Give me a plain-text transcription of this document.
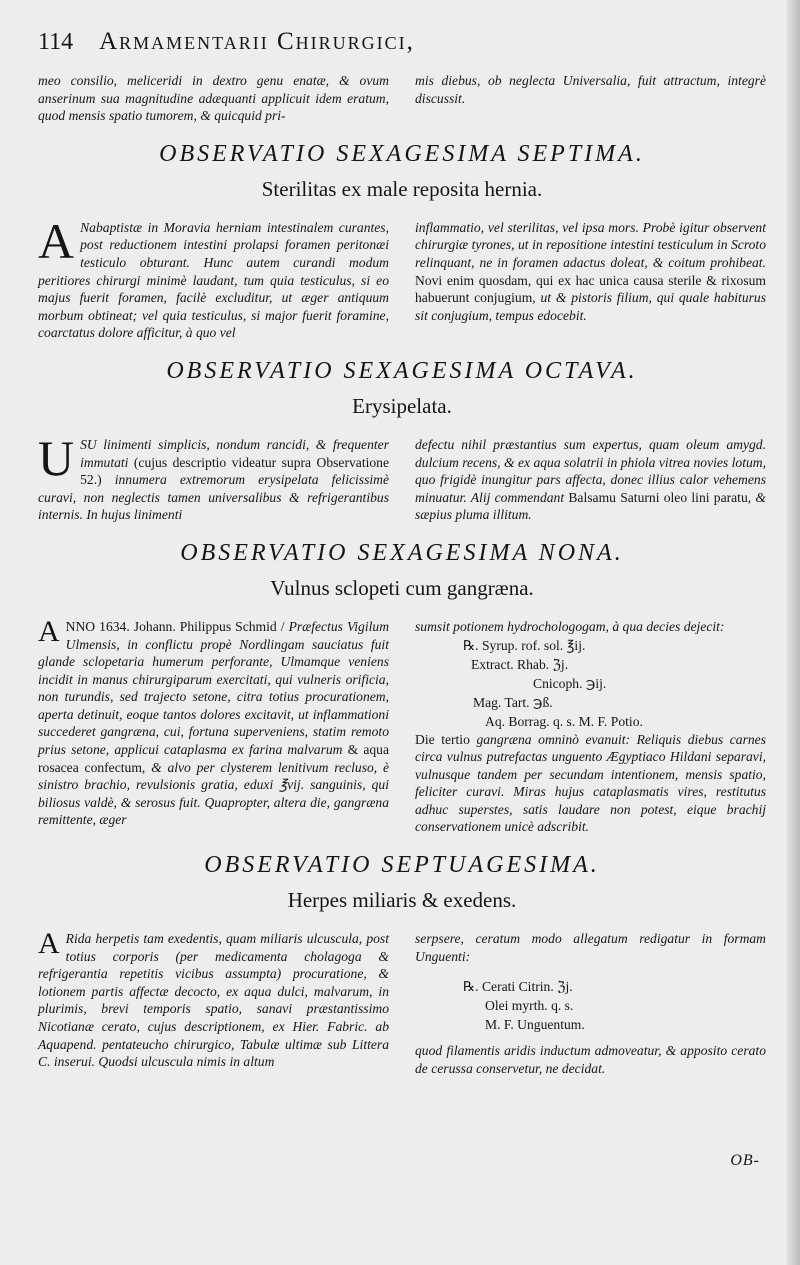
114 Armamentarii Chirurgici,

meo consilio, meliceridi in dextro genu enatæ, & ovum anserinum sua magnitudine adæquanti applicuit idem eratum, quod mensis spatio tumorem, & quicquid pri-

mis diebus, ob neglecta Universalia, fuit attractum, integrè discussit.

OBSERVATIO SEXAGESIMA SEPTIMA.
Sterilitas ex male reposita hernia.

A Nabaptistæ in Moravia herniam intestinalem curantes, post reductionem intestini prolapsi foramen peritonæi testiculo obturant. Hunc autem curandi modum peritiores chirurgi minimè laudant, tum quia testiculus, si eo majus fuerit foramen, facilè excluditur, ut æger antiquum morbum obtineat; vel quia testiculus, si major fuerit foramine, coarctatus dolore afficitur, à quo vel

inflammatio, vel sterilitas, vel ipsa mors. Probè igitur observent chirurgiæ tyrones, ut in repositione intestini testiculum in Scroto relinquant, ne in foramen adactus doleat, & coitum prohibeat. Novi enim quosdam, qui ex hac unica causa sterile & rixosum habuerunt conjugium, ut & pistoris filium, qui quale habiturus sit conjugium, tempus edocebit.

OBSERVATIO SEXAGESIMA OCTAVA.
Erysipelata.

USU linimenti simplicis, nondum rancidi, & frequenter immutati (cujus descriptio videatur supra Observatione 52.) innumera extremorum erysipelata felicissimè curavi, non neglectis tamen universalibus & refrigerantibus internis. In hujus linimenti

defectu nihil præstantius sum expertus, quam oleum amygd. dulcium recens, & ex aqua solatrii in phiola vitrea novies lotum, quo frigidè inungitur pars affecta, donec illius calor vehemens minuatur. Alij commendant Balsamu Saturni oleo lini paratu, & sæpius pluma illitum.

OBSERVATIO SEXAGESIMA NONA.
Vulnus sclopeti cum gangræna.

ANNO 1634. Johann. Philippus Schmid / Præfectus Vigilum Ulmensis, in conflictu propè Nordlingam sauciatus fuit glande sclopetaria humerum perforante, Ulmamque veniens incidit in manus chirurgiparum exercitati, qui vulneris orificia, non turundis, sed trajecto setone, citra totius procurationem, aperta detinuit, eoque tantos dolores excitavit, ut inflammationi succederet gangræna, cui, fortuna superveniens, statim remoto prius setone, applicui cataplasma ex farina malvarum & aqua rosacea confectum, & alvo per clysterem lenitivum recluso, è sinistro brachio, revulsionis gratia, eduxi ℥vij. sanguinis, qui biliosus valdè, & serosus fuit. Quapropter, altera die, gangræna remittente, æger

sumsit potionem hydrochologogam, à qua decies dejecit:

℞. Syrup. rof. sol. ℥ij.
Extract. Rhab. ℨj.
Cnicoph. ℈ij.
Mag. Tart. ℈ß.
Aq. Borrag. q. s. M. F. Potio.

Die tertio gangræna omninò evanuit: Reliquis diebus carnes circa vulnus putrefactas unguento Ægyptiaco Hildani separavi, vulnusque tandem per secundam intentionem, mensis spatio, feliciter curavi. Miras hujus cataplasmatis vires, restitutus adhuc superstes, satis laudare non potest, eique brachij conservationem unicè adscribit.

OBSERVATIO SEPTUAGESIMA.
Herpes miliaris & exedens.

A Rida herpetis tam exedentis, quam miliaris ulcuscula, post totius corporis (per medicamenta cholagoga & refrigerantia repetitis vicibus assumpta) procuratione, & lotionem partis affectæ decocto, ex aqua dulci, malvarum, in plurimis, brevi temporis spatio, sanavi præstantissimo Nicotianæ cerato, cujus descriptionem, ex Hier. Fabric. ab Aquapend. pentateucho chirurgico, Tabulæ ultimæ sub Littera C. inserui. Quodsi ulcuscula nimis in altum

serpsere, ceratum modo allegatum redigatur in formam Unguenti:

℞. Cerati Citrin. ℨj.
Olei myrth. q. s.
M. F. Unguentum.

quod filamentis aridis inductum admoveatur, & apposito cerato de cerussa conservetur, ne decidat.

OB-
